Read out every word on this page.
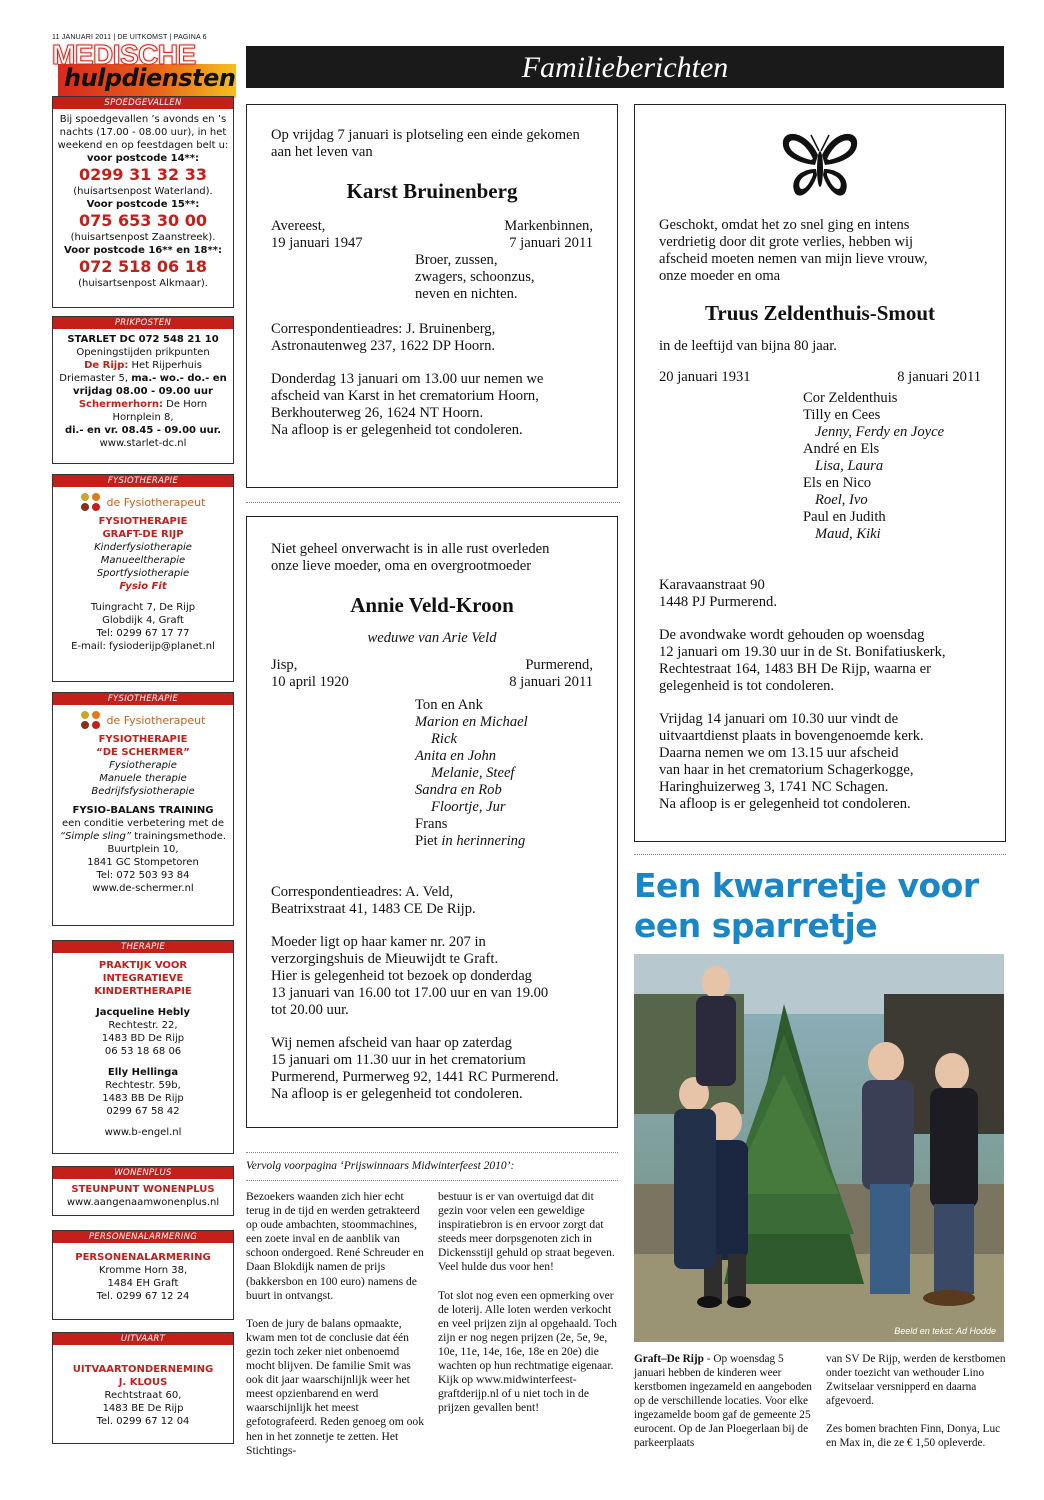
11 JANUARI 2011 | DE UITKOMST | PAGINA 6
hulpdiensten
MEDISCHE	Familieberichten
SPOEDGEVALLEN
Bij spoedgevallen ’s avonds en ’s nachts (17.00 - 08.00 uur), in het weekend en op feestdagen belt u:
voor postcode 14**:
0299 31 32 33
(huisartsenpost Waterland).
Voor postcode 15**:
075 653 30 00
(huisartsenpost Zaanstreek).
Voor postcode 16** en 18**:
072 518 06 18
(huisartsenpost Alkmaar).
PRIKPOSTEN
STARLET DC 072 548 21 10
Openingstijden prikpunten
De Rijp: Het Rijperhuis
Driemaster 5, ma.- wo.- do.- en vrijdag 08.00 - 09.00 uur
Schermerhorn: De Horn
Hornplein 8,
di.- en vr. 08.45 - 09.00 uur.
www.starlet-dc.nl
FYSIOTHERAPIE
de Fysiotherapeut
FYSIOTHERAPIE
GRAFT-DE RIJP
Kinderfysiotherapie
Manueeltherapie
Sportfysiotherapie
Fysio Fit
Tuingracht 7, De Rijp
Globdijk 4, Graft
Tel: 0299 67 17 77
E-mail: fysioderijp@planet.nl
FYSIOTHERAPIE
de Fysiotherapeut
FYSIOTHERAPIE
“DE SCHERMER”
Fysiotherapie
Manuele therapie
Bedrijfsfysiotherapie
FYSIO-BALANS TRAINING
een conditie verbetering met de
“Simple sling” trainingsmethode.
Buurtplein 10,
1841 GC Stompetoren
Tel: 072 503 93 84
www.de-schermer.nl
THERAPIE
PRAKTIJK VOOR
INTEGRATIEVE
KINDERTHERAPIE
Jacqueline Hebly
Rechtestr. 22,
1483 BD De Rijp
06 53 18 68 06
Elly Hellinga
Rechtestr. 59b,
1483 BB De Rijp
0299 67 58 42
www.b-engel.nl
WONENPLUS
STEUNPUNT WONENPLUS
www.aangenaamwonenplus.nl
PERSONENALARMERING
PERSONENALARMERING
Kromme Horn 38,
1484 EH Graft
Tel. 0299 67 12 24
UITVAART
UITVAARTONDERNEMING
J. KLOUS
Rechtstraat 60,
1483 BE De Rijp
Tel. 0299 67 12 04
Op vrijdag 7 januari is plotseling een einde gekomen aan het leven van
Karst Bruinenberg
Avereest,	Markenbinnen,
19 januari 1947	7 januari 2011
Broer, zussen,
zwagers, schoonzus,
neven en nichten.
Correspondentieadres: J. Bruinenberg,
Astronautenweg 237, 1622 DP Hoorn.
Donderdag 13 januari om 13.00 uur nemen we
afscheid van Karst in het crematorium Hoorn,
Berkhouterweg 26, 1624 NT Hoorn.
Na afloop is er gelegenheid tot condoleren.
Niet geheel onverwacht is in alle rust overleden
onze lieve moeder, oma en overgrootmoeder
Annie Veld-Kroon
weduwe van Arie Veld
Jisp,	Purmerend,
10 april 1920	8 januari 2011
Ton en Ank
Marion en Michael
Rick
Anita en John
Melanie, Steef
Sandra en Rob
Floortje, Jur
Frans
Piet in herinnering
Correspondentieadres: A. Veld,
Beatrixstraat 41, 1483 CE De Rijp.
Moeder ligt op haar kamer nr. 207 in
verzorgingshuis de Mieuwijdt te Graft.
Hier is gelegenheid tot bezoek op donderdag
13 januari van 16.00 tot 17.00 uur en van 19.00
tot 20.00 uur.
Wij nemen afscheid van haar op zaterdag
15 januari om 11.30 uur in het crematorium
Purmerend, Purmerweg 92, 1441 RC Purmerend.
Na afloop is er gelegenheid tot condoleren.
Geschokt, omdat het zo snel ging en intens
verdrietig door dit grote verlies, hebben wij
afscheid moeten nemen van mijn lieve vrouw,
onze moeder en oma
Truus Zeldenthuis-Smout
in de leeftijd van bijna 80 jaar.
20 januari 1931	8 januari 2011
Cor Zeldenthuis
Tilly en Cees
Jenny, Ferdy en Joyce
André en Els
Lisa, Laura
Els en Nico
Roel, Ivo
Paul en Judith
Maud, Kiki
Karavaanstraat 90
1448 PJ Purmerend.
De avondwake wordt gehouden op woensdag
12 januari om 19.30 uur in de St. Bonifatiuskerk,
Rechtestraat 164, 1483 BH De Rijp, waarna er
gelegenheid is tot condoleren.
Vrijdag 14 januari om 10.30 uur vindt de
uitvaartdienst plaats in bovengenoemde kerk.
Daarna nemen we om 13.15 uur afscheid
van haar in het crematorium Schagerkogge,
Haringhuizerweg 3, 1741 NC Schagen.
Na afloop is er gelegenheid tot condoleren.
Vervolg voorpagina ‘Prijswinnaars Midwinterfeest 2010’:

Bezoekers waanden zich hier echt terug in de tijd en werden getrakteerd op oude ambachten, stoommachines, een zoete inval en de aanblik van schoon ondergoed. René Schreuder en Daan Blokdijk namen de prijs (bakkersbon en 100 euro) namens de buurt in ontvangst.

Toen de jury de balans opmaakte, kwam men tot de conclusie dat één gezin toch zeker niet onbenoemd mocht blijven. De familie Smit was ook dit jaar waarschijnlijk weer het meest opzienbarend en werd waarschijnlijk het meest gefotografeerd. Reden genoeg om ook hen in het zonnetje te zetten. Het Stichtings-

bestuur is er van overtuigd dat dit gezin voor velen een geweldige inspiratiebron is en ervoor zorgt dat steeds meer dorpsgenoten zich in Dickensstijl gehuld op straat begeven. Veel hulde dus voor hen!

Tot slot nog even een opmerking over de loterij. Alle loten werden verkocht en veel prijzen zijn al opgehaald. Toch zijn er nog negen prijzen (2e, 5e, 9e, 10e, 11e, 14e, 16e, 18e en 20e) die wachten op hun rechtmatige eigenaar. Kijk op www.midwinterfeest-graftderijp.nl of u niet toch in de prijzen gevallen bent!

Een kwarretje voor een sparretje
Beeld en tekst: Ad Hodde

Graft–De Rijp - Op woensdag 5 januari hebben de kinderen weer kerstbomen ingezameld en aangeboden op de verschillende locaties. Voor elke ingezamelde boom gaf de gemeente 25 eurocent. Op de Jan Ploegerlaan bij de parkeerplaats

van SV De Rijp, werden de kerstbomen onder toezicht van wethouder Lino Zwitselaar versnipperd en daarna afgevoerd.

Zes bomen brachten Finn, Donya, Luc en Max in, die ze € 1,50 opleverde.
